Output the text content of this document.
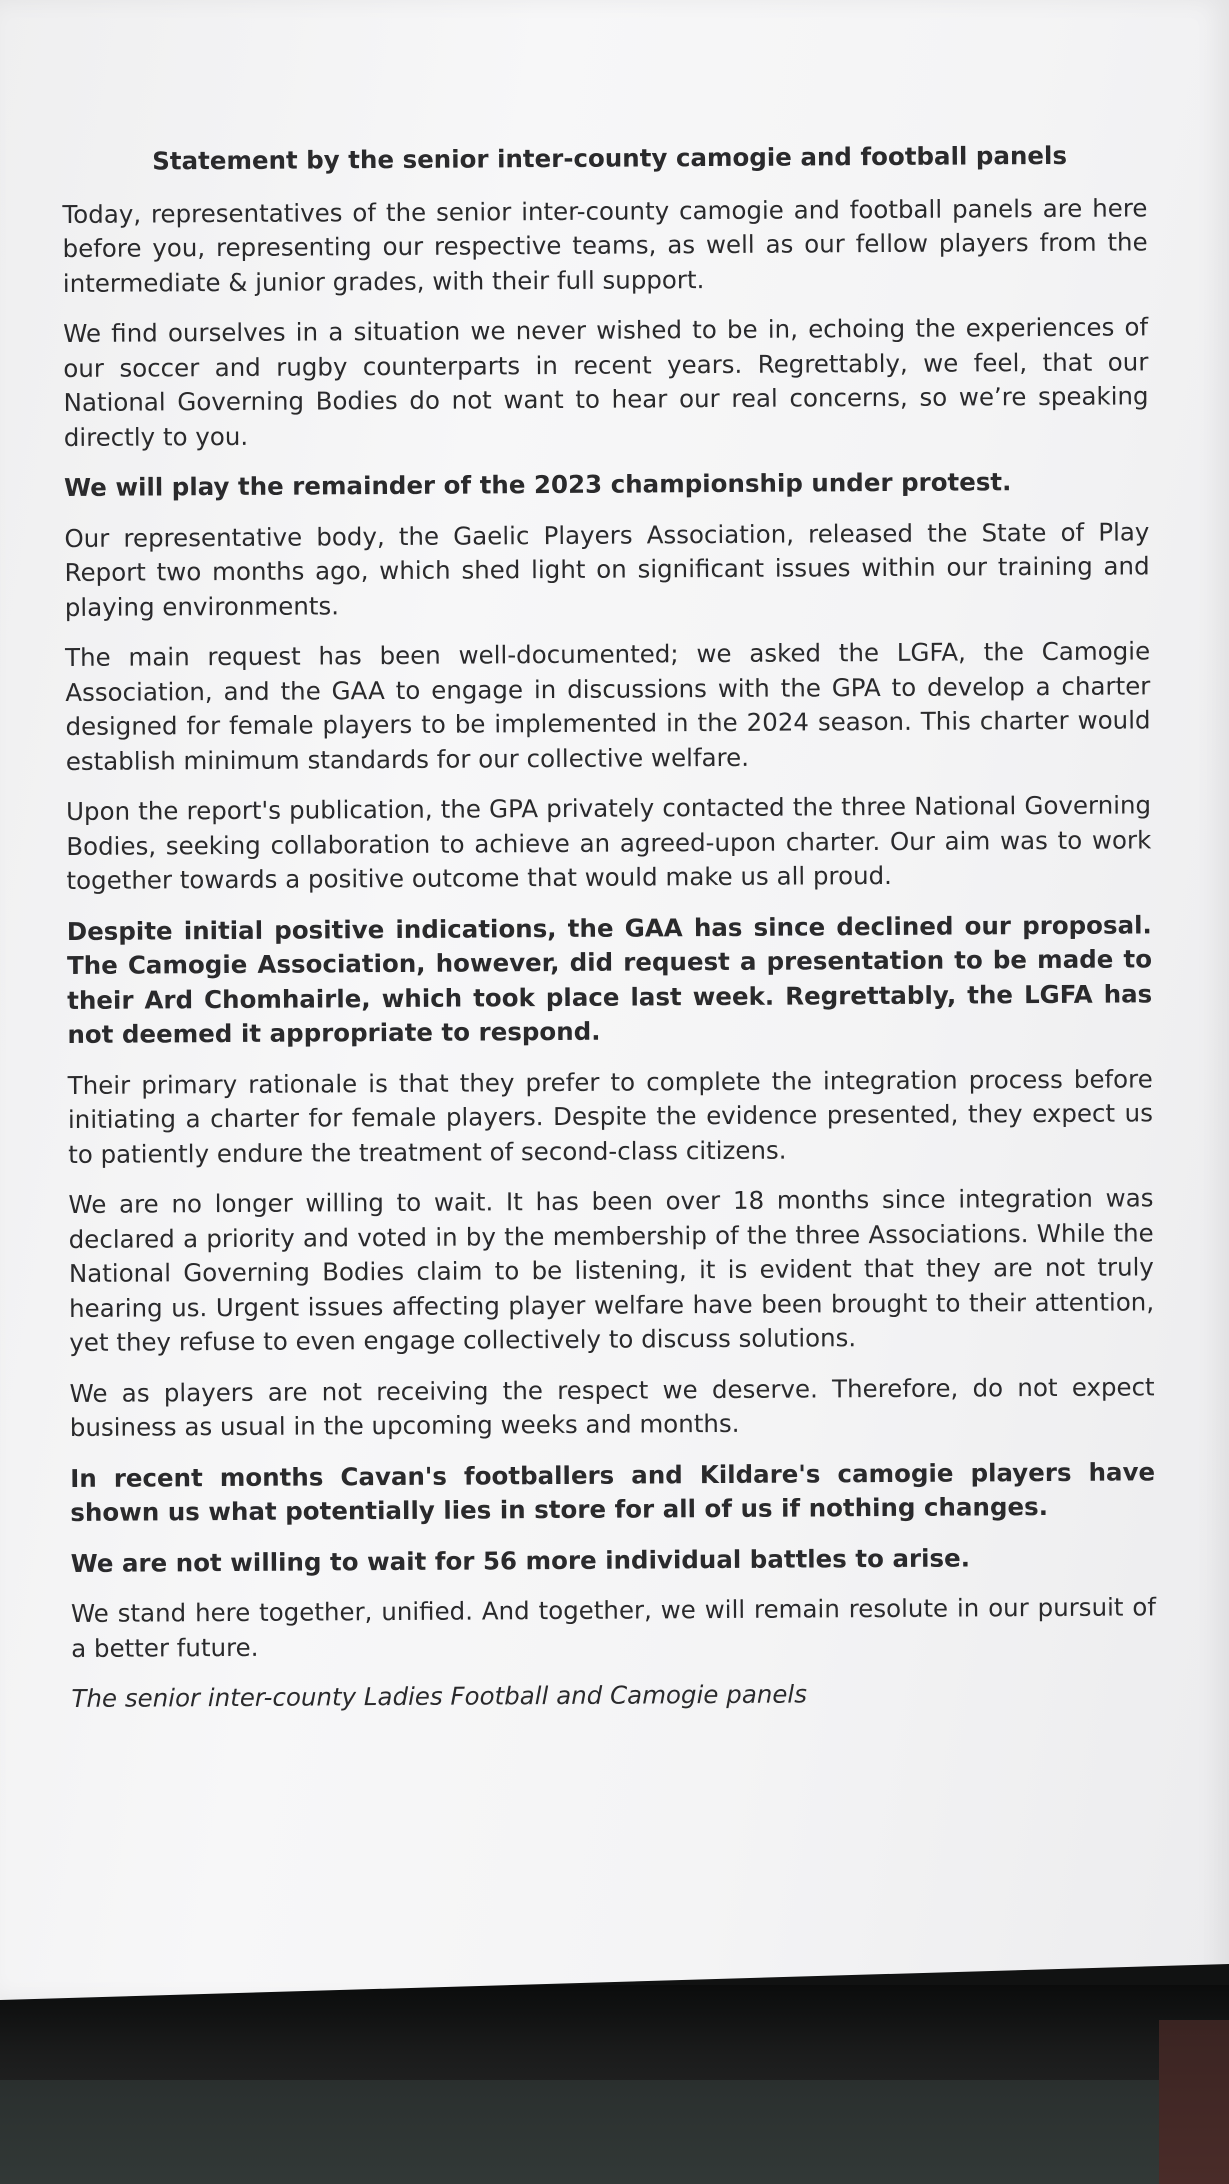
Statement by the senior inter-county camogie and football panels

Today, representatives of the senior inter-county camogie and football panels are here before you, representing our respective teams, as well as our fellow players from the intermediate & junior grades, with their full support.

We find ourselves in a situation we never wished to be in, echoing the experiences of our soccer and rugby counterparts in recent years. Regrettably, we feel, that our National Governing Bodies do not want to hear our real concerns, so we’re speaking directly to you.

We will play the remainder of the 2023 championship under protest.

Our representative body, the Gaelic Players Association, released the State of Play Report two months ago, which shed light on significant issues within our training and playing environments.

The main request has been well-documented; we asked the LGFA, the Camogie Association, and the GAA to engage in discussions with the GPA to develop a charter designed for female players to be implemented in the 2024 season. This charter would establish minimum standards for our collective welfare.

Upon the report's publication, the GPA privately contacted the three National Governing Bodies, seeking collaboration to achieve an agreed-upon charter. Our aim was to work together towards a positive outcome that would make us all proud.

Despite initial positive indications, the GAA has since declined our proposal. The Camogie Association, however, did request a presentation to be made to their Ard Chomhairle, which took place last week. Regrettably, the LGFA has not deemed it appropriate to respond.

Their primary rationale is that they prefer to complete the integration process before initiating a charter for female players. Despite the evidence presented, they expect us to patiently endure the treatment of second-class citizens.

We are no longer willing to wait. It has been over 18 months since integration was declared a priority and voted in by the membership of the three Associations. While the National Governing Bodies claim to be listening, it is evident that they are not truly hearing us. Urgent issues affecting player welfare have been brought to their attention, yet they refuse to even engage collectively to discuss solutions.

We as players are not receiving the respect we deserve. Therefore, do not expect business as usual in the upcoming weeks and months.

In recent months Cavan's footballers and Kildare's camogie players have shown us what potentially lies in store for all of us if nothing changes.

We are not willing to wait for 56 more individual battles to arise.

We stand here together, unified. And together, we will remain resolute in our pursuit of a better future.

The senior inter-county Ladies Football and Camogie panels
